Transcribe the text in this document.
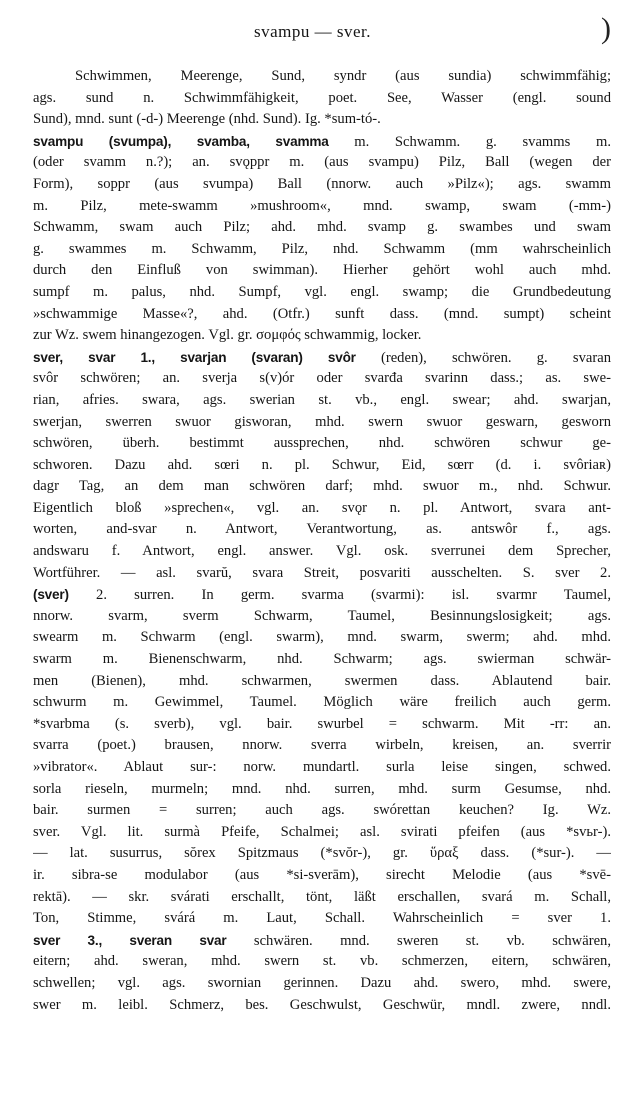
svampu — sver.	)
Schwimmen, Meerenge, Sund, syndr (aus sundia) schwimmfähig;
ags. sund n. Schwimmfähigkeit, poet. See, Wasser (engl. sound
Sund), mnd. sunt (-d-) Meerenge (nhd. Sund). Ig. *sum-tó-.
svampu (svumpa), svamba, svamma m. Schwamm. g. svamms m.
(oder svamm n.?); an. svǫppr m. (aus svampu) Pilz, Ball (wegen der
Form), soppr (aus svumpa) Ball (nnorw. auch »Pilz«); ags. swamm
m. Pilz, mete-swamm »mushroom«, mnd. swamp, swam (-mm-)
Schwamm, swam auch Pilz; ahd. mhd. svamp g. swambes und swam
g. swammes m. Schwamm, Pilz, nhd. Schwamm (mm wahrscheinlich
durch den Einfluß von swimman). Hierher gehört wohl auch mhd.
sumpf m. palus, nhd. Sumpf, vgl. engl. swamp; die Grundbedeutung
»schwammige Masse«?, ahd. (Otfr.) sunft dass. (mnd. sumpt) scheint
zur Wz. swem hinangezogen. Vgl. gr. σομφός schwammig, locker.
sver, svar 1., svarjan (svaran) svôr (reden), schwören. g. svaran
svôr schwören; an. sverja s(v)ór oder svarđa svarinn dass.; as. swe-
rian, afries. swara, ags. swerian st. vb., engl. swear; ahd. swarjan,
swerjan, swerren swuor gisworan, mhd. swern swuor geswarn, gesworn
schwören, überh. bestimmt aussprechen, nhd. schwören schwur ge-
schworen. Dazu ahd. sœri n. pl. Schwur, Eid, sœrr (d. i. svôriaʀ)
dagr Tag, an dem man schwören darf; mhd. swuor m., nhd. Schwur.
Eigentlich bloß »sprechen«, vgl. an. svǫr n. pl. Antwort, svara ant-
worten, and-svar n. Antwort, Verantwortung, as. antswôr f., ags.
andswaru f. Antwort, engl. answer. Vgl. osk. sverrunei dem Sprecher,
Wortführer. — asl. svarŭ, svara Streit, posvariti ausschelten. S. sver 2.
(sver) 2. surren. In germ. svarma (svarmi): isl. svarmr Taumel,
nnorw. svarm, sverm Schwarm, Taumel, Besinnungslosigkeit; ags.
swearm m. Schwarm (engl. swarm), mnd. swarm, swerm; ahd. mhd.
swarm m. Bienenschwarm, nhd. Schwarm; ags. swierman schwär-
men (Bienen), mhd. schwarmen, swermen dass. Ablautend bair.
schwurm m. Gewimmel, Taumel. Möglich wäre freilich auch germ.
*svarbma (s. sverb), vgl. bair. swurbel = schwarm. Mit -rr: an.
svarra (poet.) brausen, nnorw. sverra wirbeln, kreisen, an. sverrir
»vibrator«. Ablaut sur-: norw. mundartl. surla leise singen, schwed.
sorla rieseln, murmeln; mnd. nhd. surren, mhd. surm Gesumse, nhd.
bair. surmen = surren; auch ags. swórettan keuchen? Ig. Wz.
sver. Vgl. lit. surmà Pfeife, Schalmei; asl. svirati pfeifen (aus *svьr-).
— lat. susurrus, sŏrex Spitzmaus (*svŏr-), gr. ὕραξ dass. (*sur-). —
ir. sibra-se modulabor (aus *si-sverām), sirecht Melodie (aus *svē-
rektā). — skr. svárati erschallt, tönt, läßt erschallen, svará m. Schall,
Ton, Stimme, svárá m. Laut, Schall. Wahrscheinlich = sver 1.
sver 3., sveran svar schwären. mnd. sweren st. vb. schwären,
eitern; ahd. sweran, mhd. swern st. vb. schmerzen, eitern, schwären,
schwellen; vgl. ags. swornian gerinnen. Dazu ahd. swero, mhd. swere,
swer m. leibl. Schmerz, bes. Geschwulst, Geschwür, mndl. zwere, nndl.
